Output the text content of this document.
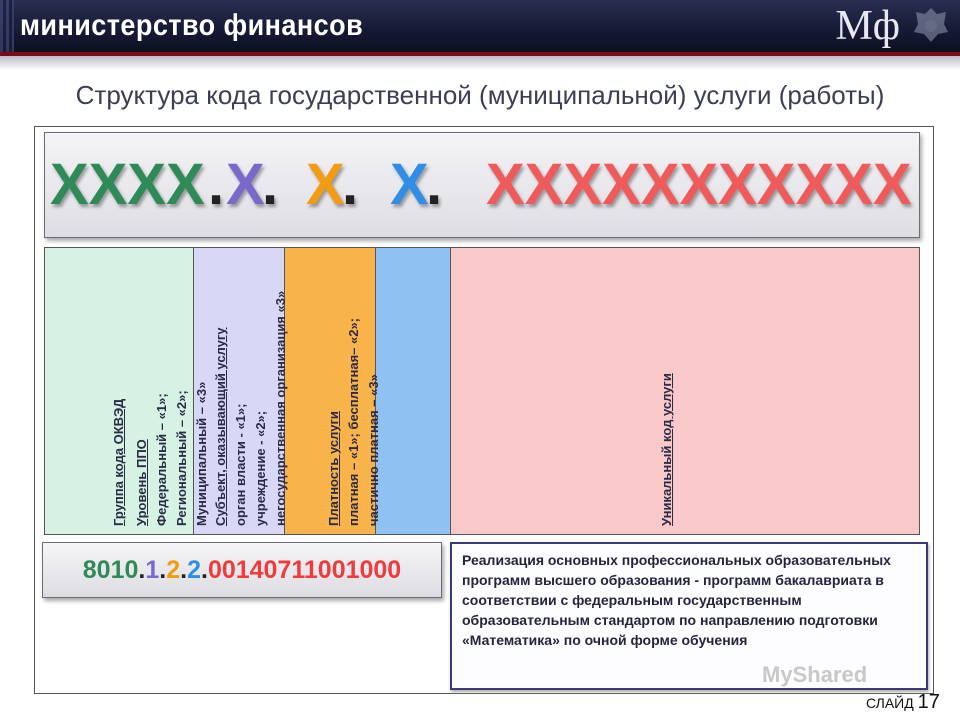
министерство финансов	Мф
Структура кода государственной (муниципальной) услуги (работы)
XXXX . X
. X
. X
. XXXXXXXXXXX
Группа кода ОКВЭД Уровень ППО Федеральный – «1»; Региональный – «2»; Муниципальный – «3» Субъект, оказывающий услугу орган власти - «1»; учреждение - «2»; негосударственная организация «3»	Платность услуги платная – «1»; бесплатная– «2»; частично платная – «3»	Уникальный код услуги
8010.1.2.2.00140711001000	Реализация основных профессиональных образовательных программ высшего образования - программ бакалавриата в соответствии с федеральным государственным образовательным стандартом по направлению подготовки «Математика» по очной форме обучения
MyShared
СЛАЙД 17
